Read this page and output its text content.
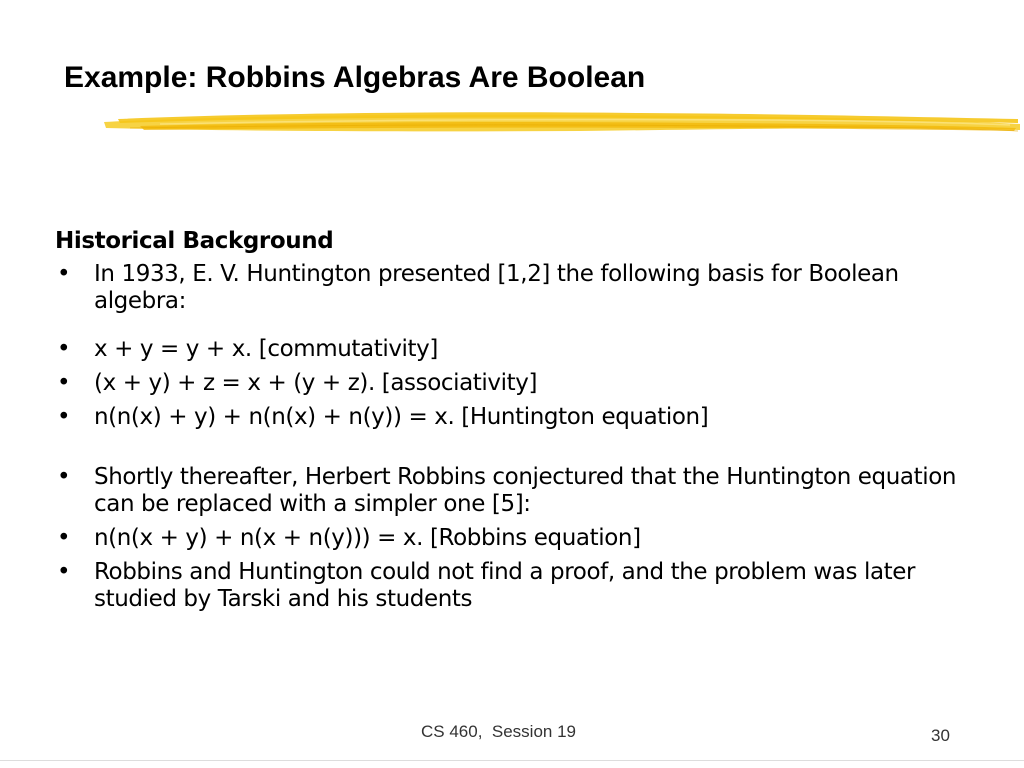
Example: Robbins Algebras Are Boolean
Historical Background
• In 1933, E. V. Huntington presented [1,2] the following basis for Boolean algebra:
• x + y = y + x. [commutativity]
• (x + y) + z = x + (y + z). [associativity]
• n(n(x) + y) + n(n(x) + n(y)) = x. [Huntington equation]
• Shortly thereafter, Herbert Robbins conjectured that the Huntington equation can be replaced with a simpler one [5]:
• n(n(x + y) + n(x + n(y))) = x. [Robbins equation]
• Robbins and Huntington could not find a proof, and the problem was later studied by Tarski and his students
CS 460,  Session 19	30
